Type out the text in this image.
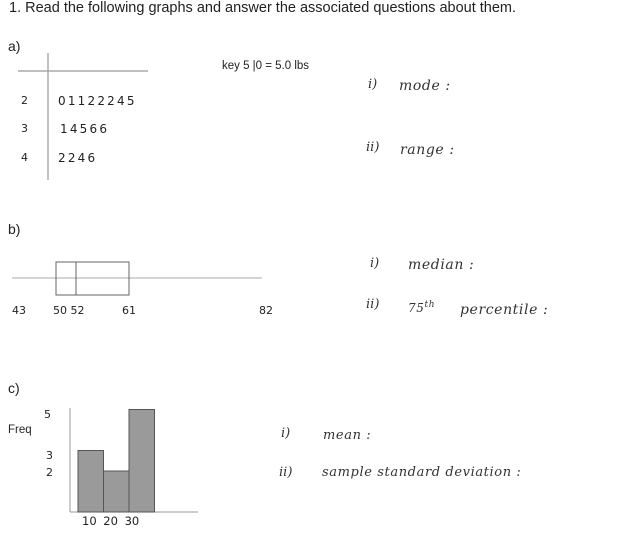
1. Read the following graphs and answer the associated questions about them.
a)
2	01122245
3	14566
4	2246
key 5 |0 = 5.0 lbs
i) mode :
ii) range :
b)
43 50 52	61	82
i) median :
ii) 75th percentile :
c)
Freq
5
3
2
10 20 30
i)	mean :
ii) sample standard deviation :
